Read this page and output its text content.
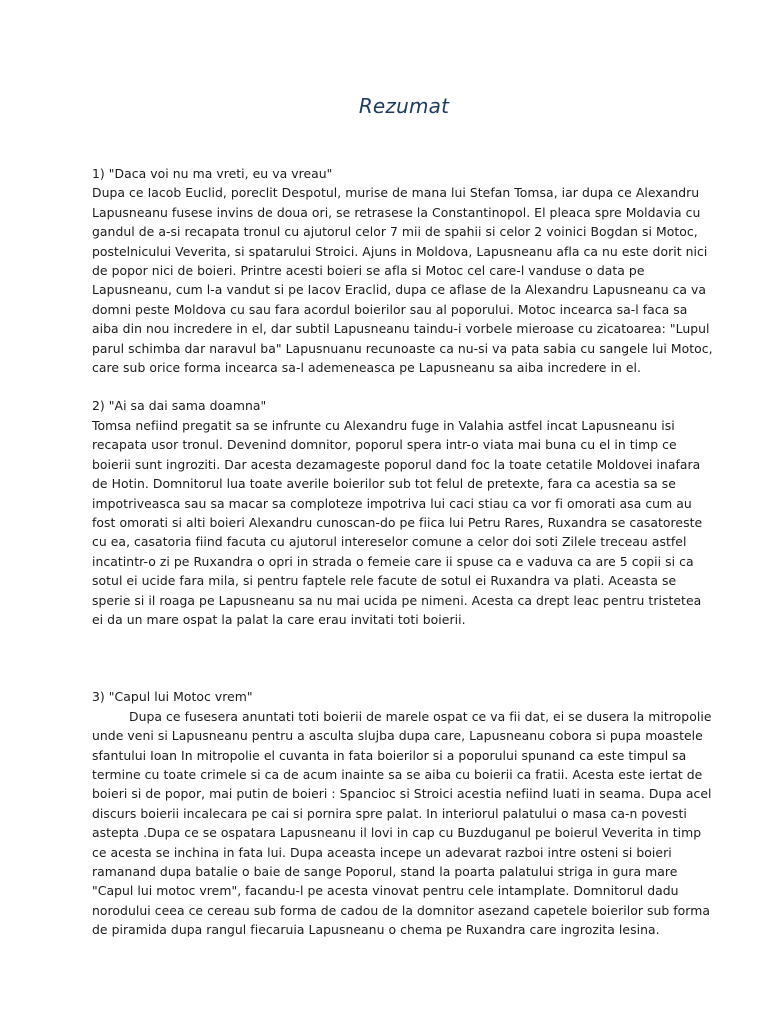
Rezumat

1) "Daca voi nu ma vreti, eu va vreau"

Dupa ce Iacob Euclid, poreclit Despotul, murise de mana lui Stefan Tomsa, iar dupa ce Alexandru Lapusneanu fusese invins de doua ori, se retrasese la Constantinopol. El pleaca spre Moldavia cu gandul de a-si recapata tronul cu ajutorul celor 7 mii de spahii si celor 2 voinici Bogdan si Motoc, postelnicului Veverita, si spatarului Stroici. Ajuns in Moldova, Lapusneanu afla ca nu este dorit nici de popor nici de boieri. Printre acesti boieri se afla si Motoc cel care-l vanduse o data pe Lapusneanu, cum l-a vandut si pe Iacov Eraclid, dupa ce aflase de la Alexandru Lapusneanu ca va domni peste Moldova cu sau fara acordul boierilor sau al poporului. Motoc incearca sa-l faca sa aiba din nou incredere in el, dar subtil Lapusneanu taindu-i vorbele mieroase cu zicatoarea: "Lupul parul schimba dar naravul ba" Lapusnuanu recunoaste ca nu-si va pata sabia cu sangele lui Motoc, care sub orice forma incearca sa-l ademeneasca pe Lapusneanu sa aiba incredere in el.

2) "Ai sa dai sama doamna"

Tomsa nefiind pregatit sa se infrunte cu Alexandru fuge in Valahia astfel incat Lapusneanu isi recapata usor tronul. Devenind domnitor, poporul spera intr-o viata mai buna cu el in timp ce boierii sunt ingroziti. Dar acesta dezamageste poporul dand foc la toate cetatile Moldovei inafara de Hotin. Domnitorul lua toate averile boierilor sub tot felul de pretexte, fara ca acestia sa se impotriveasca sau sa macar sa comploteze impotriva lui caci stiau ca vor fi omorati asa cum au fost omorati si alti boieri Alexandru cunoscan-do pe fiica lui Petru Rares, Ruxandra se casatoreste cu ea, casatoria fiind facuta cu ajutorul intereselor comune a celor doi soti Zilele treceau astfel incatintr-o zi pe Ruxandra o opri in strada o femeie care ii spuse ca e vaduva ca are 5 copii si ca sotul ei ucide fara mila, si pentru faptele rele facute de sotul ei Ruxandra va plati. Aceasta se sperie si il roaga pe Lapusneanu sa nu mai ucida pe nimeni. Acesta ca drept leac pentru tristetea ei da un mare ospat la palat la care erau invitati toti boierii.

3) "Capul lui Motoc vrem"

Dupa ce fusesera anuntati toti boierii de marele ospat ce va fii dat, ei se dusera la mitropolie unde veni si Lapusneanu pentru a asculta slujba dupa care, Lapusneanu cobora si pupa moastele sfantului Ioan In mitropolie el cuvanta in fata boierilor si a poporului spunand ca este timpul sa termine cu toate crimele si ca de acum inainte sa se aiba cu boierii ca fratii. Acesta este iertat de boieri si de popor, mai putin de boieri : Spancioc si Stroici acestia nefiind luati in seama. Dupa acel discurs boierii incalecara pe cai si pornira spre palat. In interiorul palatului o masa ca-n povesti astepta .Dupa ce se ospatara Lapusneanu il lovi in cap cu Buzduganul pe boierul Veverita in timp ce acesta se inchina in fata lui. Dupa aceasta incepe un adevarat razboi intre osteni si boieri ramanand dupa batalie o baie de sange Poporul, stand la poarta palatului striga in gura mare "Capul lui motoc vrem", facandu-l pe acesta vinovat pentru cele intamplate. Domnitorul dadu norodului ceea ce cereau sub forma de cadou de la domnitor asezand capetele boierilor sub forma de piramida dupa rangul fiecaruia Lapusneanu o chema pe Ruxandra care ingrozita lesina.
